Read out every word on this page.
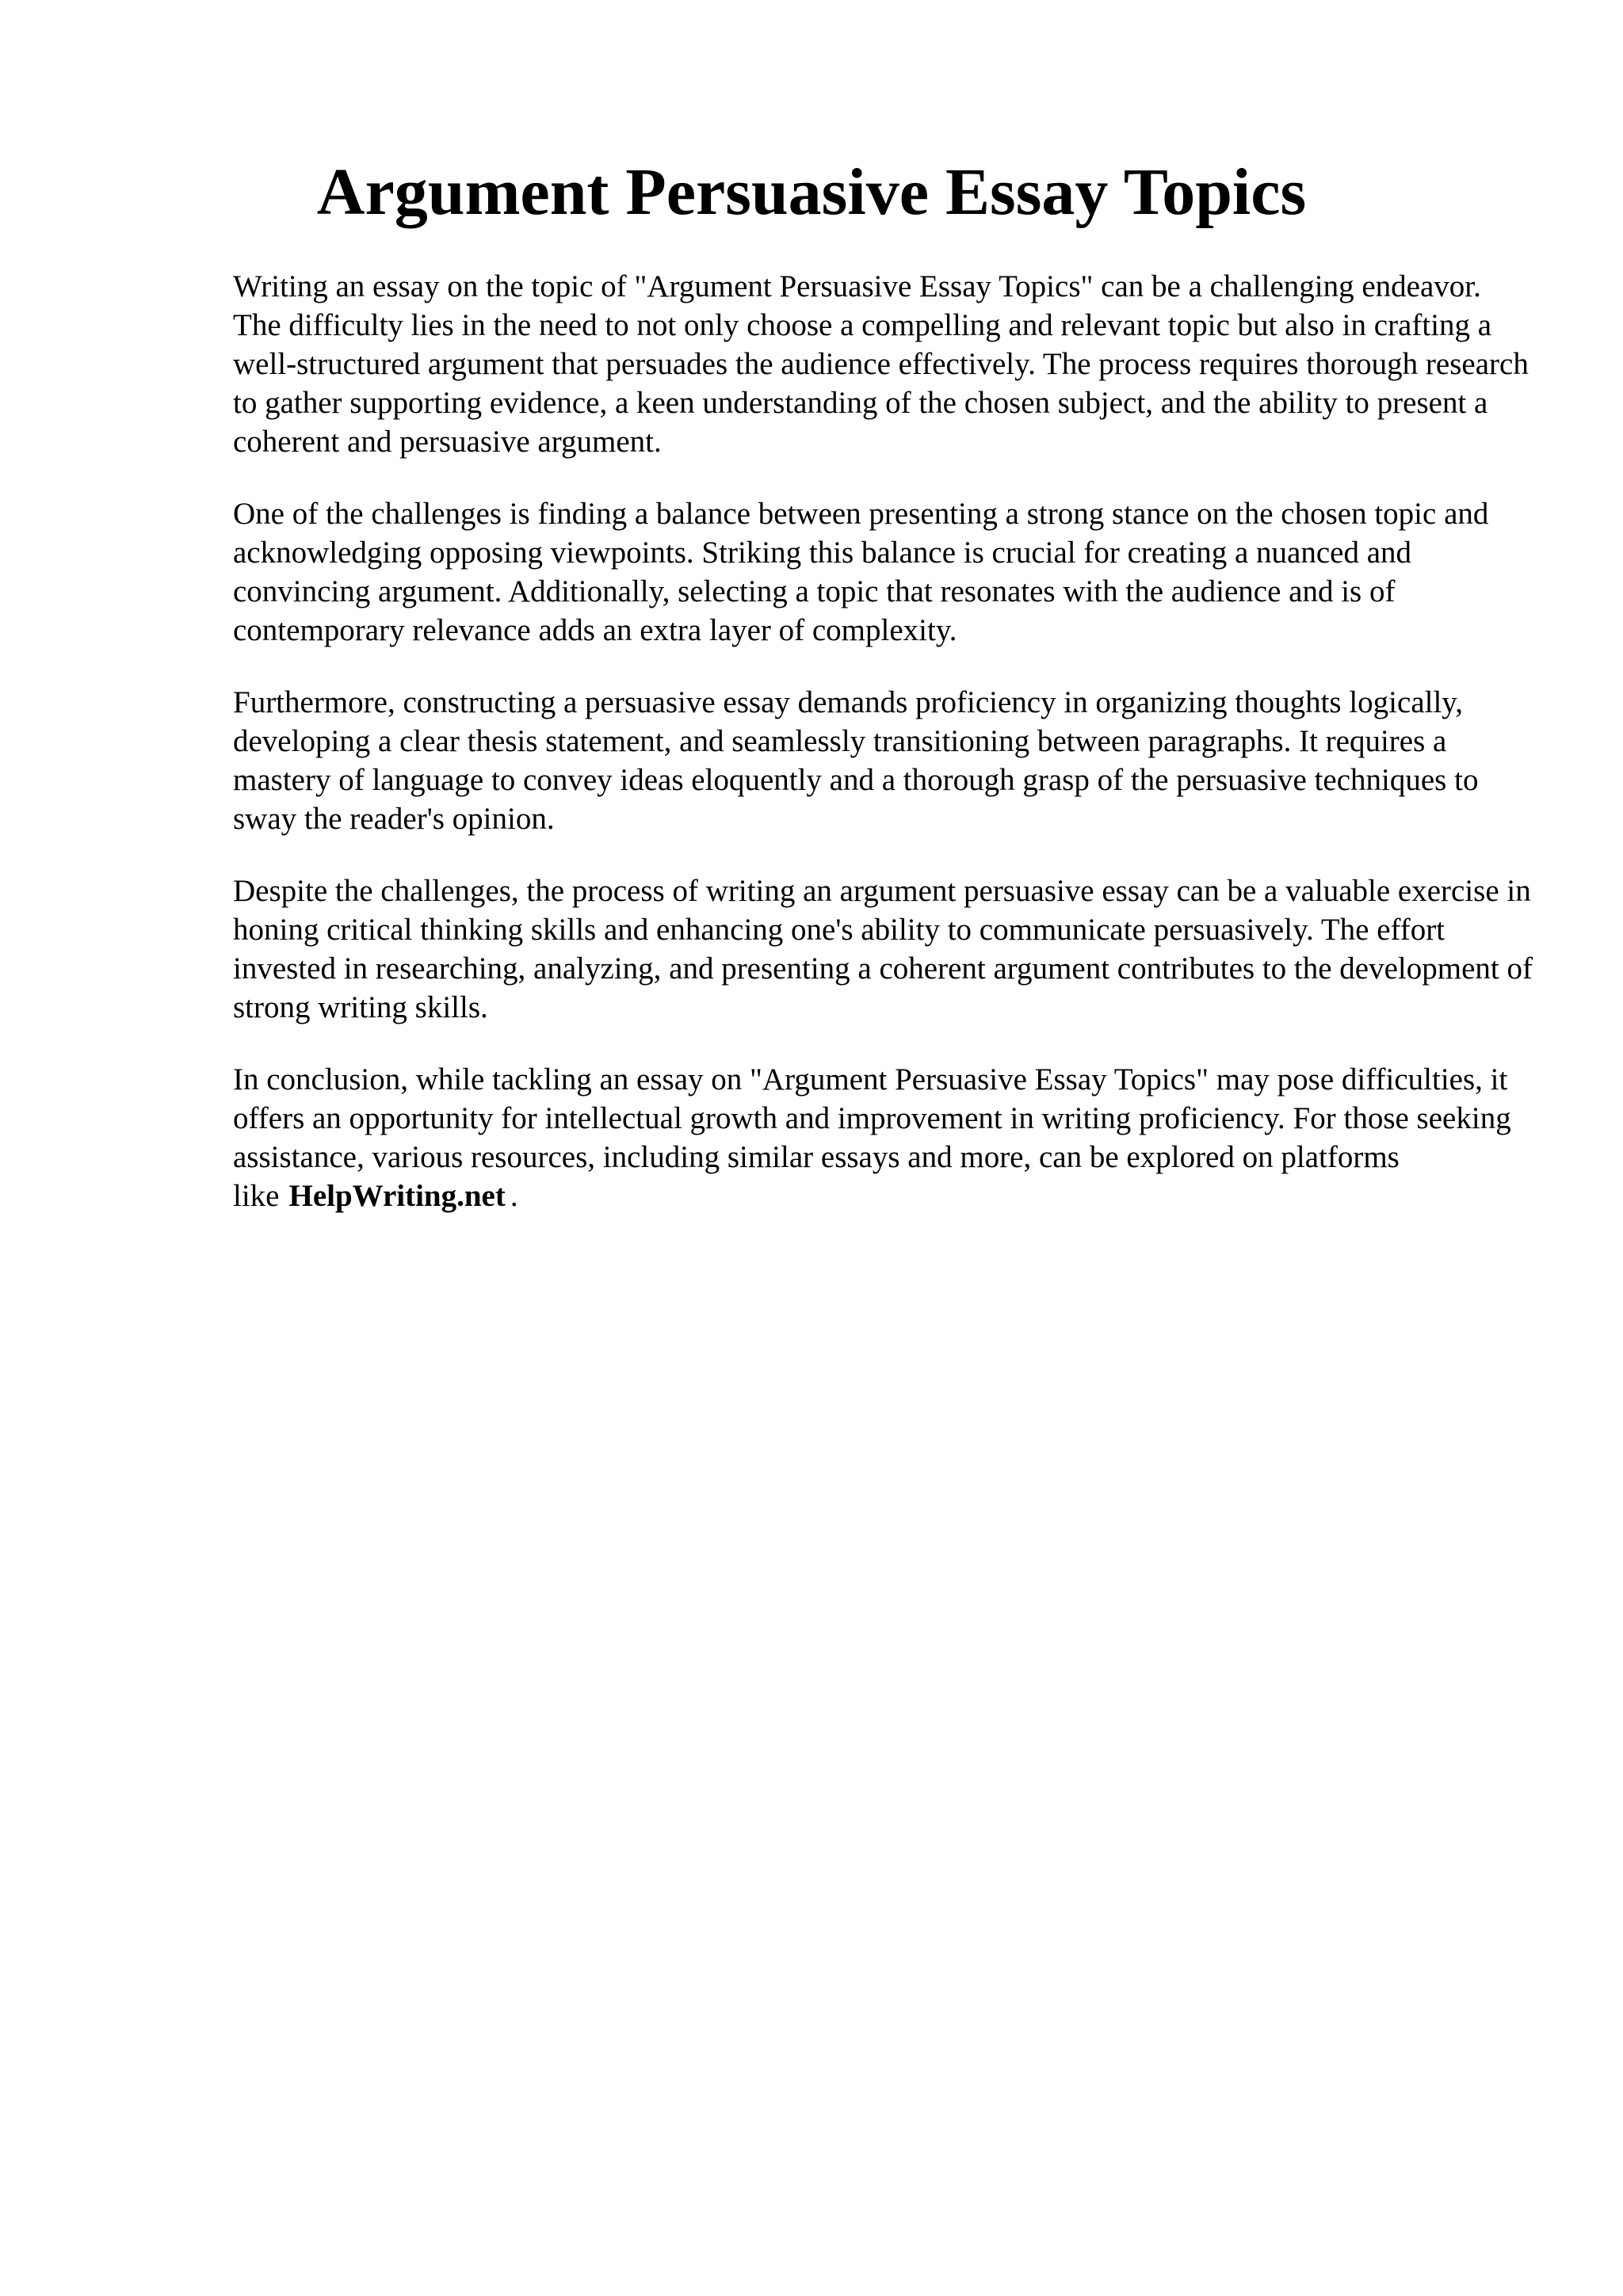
Argument Persuasive Essay Topics

Writing an essay on the topic of "Argument Persuasive Essay Topics" can be a challenging endeavor. The difficulty lies in the need to not only choose a compelling and relevant topic but also in crafting a well-structured argument that persuades the audience effectively. The process requires thorough research to gather supporting evidence, a keen understanding of the chosen subject, and the ability to present a coherent and persuasive argument.

One of the challenges is finding a balance between presenting a strong stance on the chosen topic and acknowledging opposing viewpoints. Striking this balance is crucial for creating a nuanced and convincing argument. Additionally, selecting a topic that resonates with the audience and is of contemporary relevance adds an extra layer of complexity.

Furthermore, constructing a persuasive essay demands proficiency in organizing thoughts logically, developing a clear thesis statement, and seamlessly transitioning between paragraphs. It requires a mastery of language to convey ideas eloquently and a thorough grasp of the persuasive techniques to sway the reader's opinion.

Despite the challenges, the process of writing an argument persuasive essay can be a valuable exercise in honing critical thinking skills and enhancing one's ability to communicate persuasively. The effort invested in researching, analyzing, and presenting a coherent argument contributes to the development of strong writing skills.

In conclusion, while tackling an essay on "Argument Persuasive Essay Topics" may pose difficulties, it offers an opportunity for intellectual growth and improvement in writing proficiency. For those seeking assistance, various resources, including similar essays and more, can be explored on platforms like HelpWriting.net .
